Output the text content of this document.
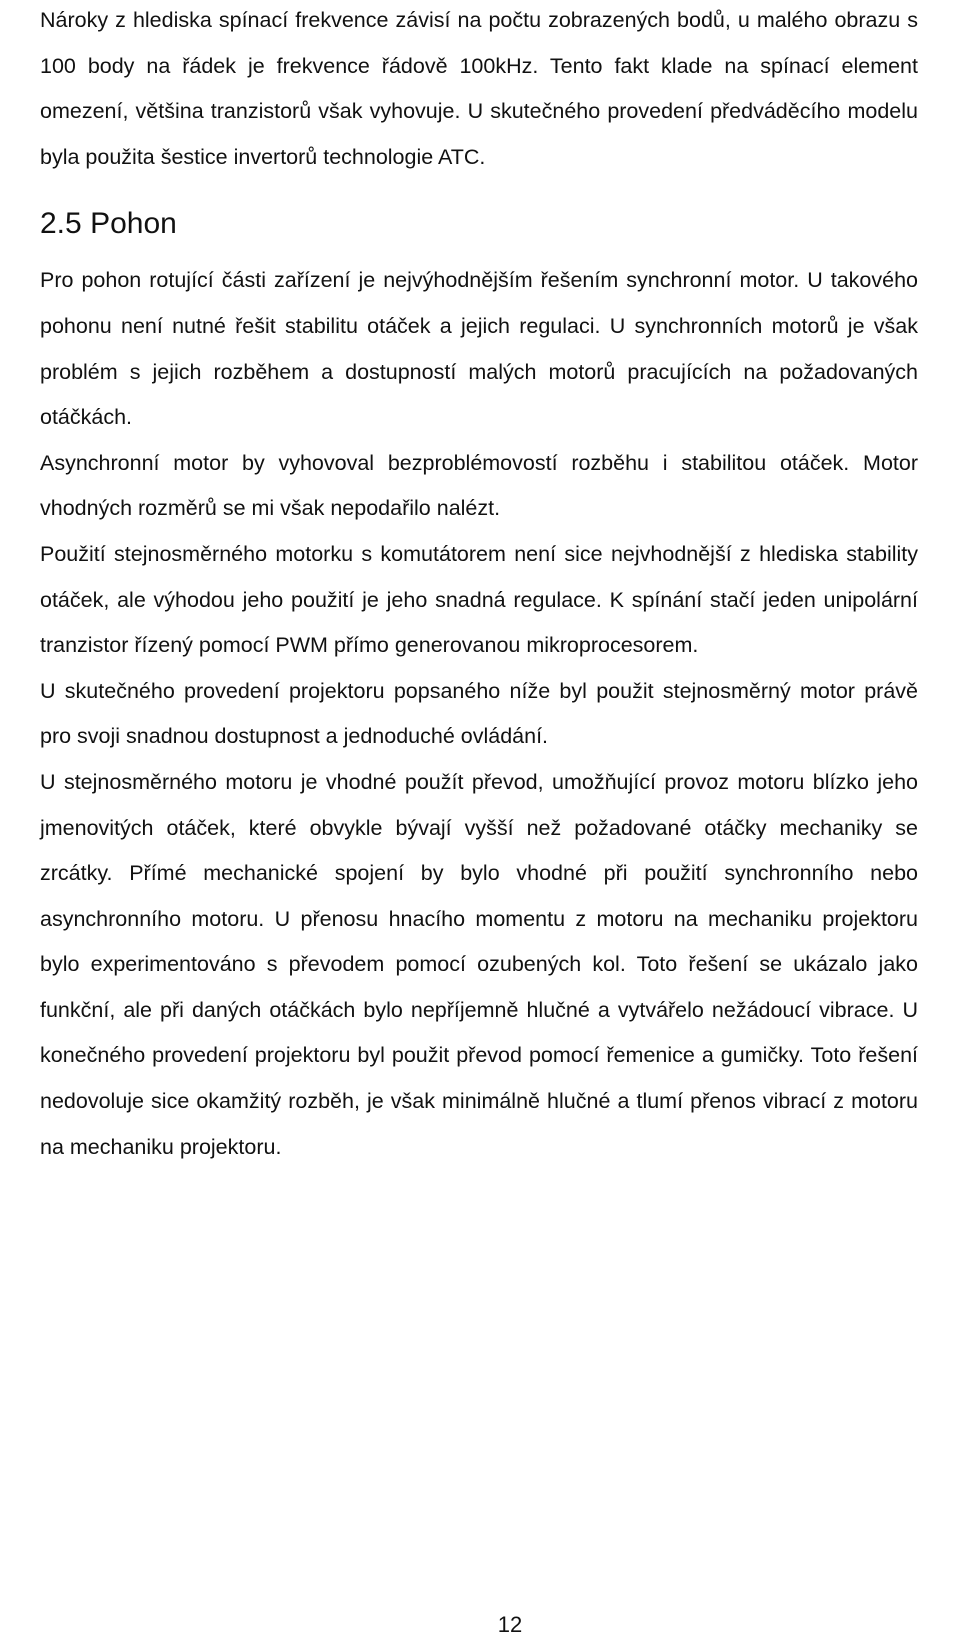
Nároky z hlediska spínací frekvence závisí na počtu zobrazených bodů, u malého obrazu s 100 body na řádek je frekvence řádově 100kHz. Tento fakt klade na spínací element omezení, většina tranzistorů však vyhovuje. U skutečného provedení předváděcího modelu byla použita šestice invertorů technologie ATC.

2.5 Pohon

Pro pohon rotující části zařízení je nejvýhodnějším řešením synchronní motor. U takového pohonu není nutné řešit stabilitu otáček a jejich regulaci. U synchronních motorů je však problém s jejich rozběhem a dostupností malých motorů pracujících na požadovaných otáčkách.

Asynchronní motor by vyhovoval bezproblémovostí rozběhu i stabilitou otáček. Motor vhodných rozměrů se mi však nepodařilo nalézt.

Použití stejnosměrného motorku s komutátorem není sice nejvhodnější z hlediska stability otáček, ale výhodou jeho použití je jeho snadná regulace. K spínání stačí jeden unipolární tranzistor řízený pomocí PWM přímo generovanou mikroprocesorem.

U skutečného provedení projektoru popsaného níže byl použit stejnosměrný motor právě pro svoji snadnou dostupnost a jednoduché ovládání.

U stejnosměrného motoru je vhodné použít převod, umožňující provoz motoru blízko jeho jmenovitých otáček, které obvykle bývají vyšší než požadované otáčky mechaniky se zrcátky. Přímé mechanické spojení by bylo vhodné při použití synchronního nebo asynchronního motoru. U přenosu hnacího momentu z motoru na mechaniku projektoru bylo experimentováno s převodem pomocí ozubených kol. Toto řešení se ukázalo jako funkční, ale při daných otáčkách bylo nepříjemně hlučné a vytvářelo nežádoucí vibrace. U konečného provedení projektoru byl použit převod pomocí řemenice a gumičky. Toto řešení nedovoluje sice okamžitý rozběh, je však minimálně hlučné a tlumí přenos vibrací z motoru na mechaniku projektoru.

12
